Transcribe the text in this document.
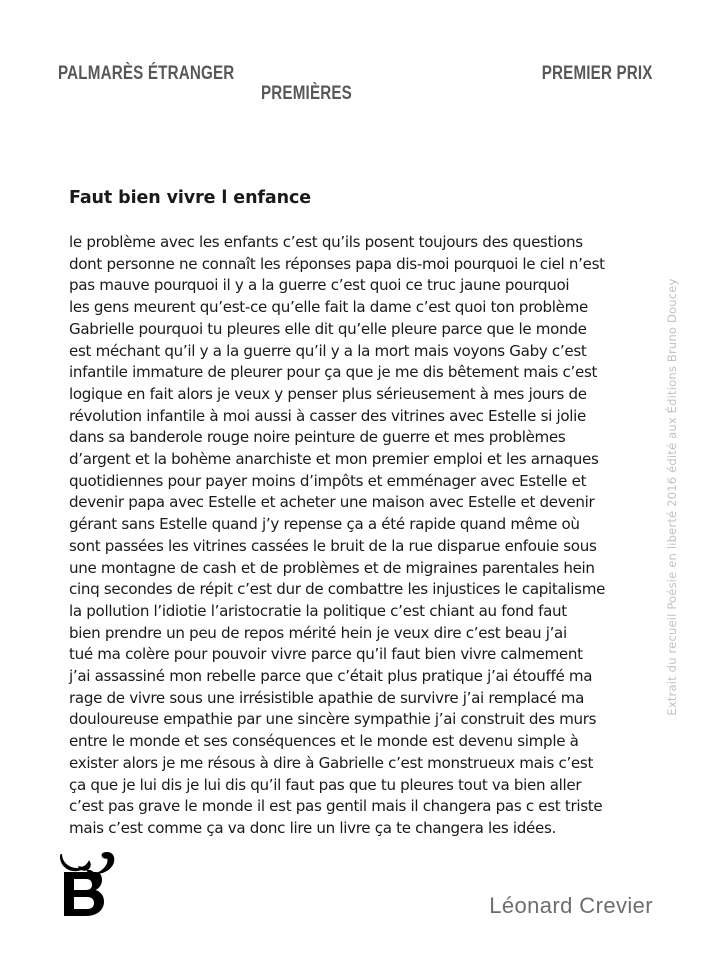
PALMARÈS ÉTRANGER
PREMIÈRES
PREMIER PRIX
Faut bien vivre l enfance
le problème avec les enfants c’est qu’ils posent toujours des questions
dont personne ne connaît les réponses papa dis-moi pourquoi le ciel n’est
pas mauve pourquoi il y a la guerre c’est quoi ce truc jaune pourquoi
les gens meurent qu’est-ce qu’elle fait la dame c’est quoi ton problème
Gabrielle pourquoi tu pleures elle dit qu’elle pleure parce que le monde
est méchant qu’il y a la guerre qu’il y a la mort mais voyons Gaby c’est
infantile immature de pleurer pour ça que je me dis bêtement mais c’est
logique en fait alors je veux y penser plus sérieusement à mes jours de
révolution infantile à moi aussi à casser des vitrines avec Estelle si jolie
dans sa banderole rouge noire peinture de guerre et mes problèmes
d’argent et la bohème anarchiste et mon premier emploi et les arnaques
quotidiennes pour payer moins d’impôts et emménager avec Estelle et
devenir papa avec Estelle et acheter une maison avec Estelle et devenir
gérant sans Estelle quand j’y repense ça a été rapide quand même où
sont passées les vitrines cassées le bruit de la rue disparue enfouie sous
une montagne de cash et de problèmes et de migraines parentales hein
cinq secondes de répit c’est dur de combattre les injustices le capitalisme
la pollution l’idiotie l’aristocratie la politique c’est chiant au fond faut
bien prendre un peu de repos mérité hein je veux dire c’est beau j’ai
tué ma colère pour pouvoir vivre parce qu’il faut bien vivre calmement
j’ai assassiné mon rebelle parce que c’était plus pratique j’ai étouffé ma
rage de vivre sous une irrésistible apathie de survivre j’ai remplacé ma
douloureuse empathie par une sincère sympathie j’ai construit des murs
entre le monde et ses conséquences et le monde est devenu simple à
exister alors je me résous à dire à Gabrielle c’est monstrueux mais c’est
ça que je lui dis je lui dis qu’il faut pas que tu pleures tout va bien aller
c’est pas grave le monde il est pas gentil mais il changera pas c est triste
mais c’est comme ça va donc lire un livre ça te changera les idées.
Extrait du recueil Poésie en liberté 2016 édité aux Éditions Bruno Doucey
Léonard Crevier
